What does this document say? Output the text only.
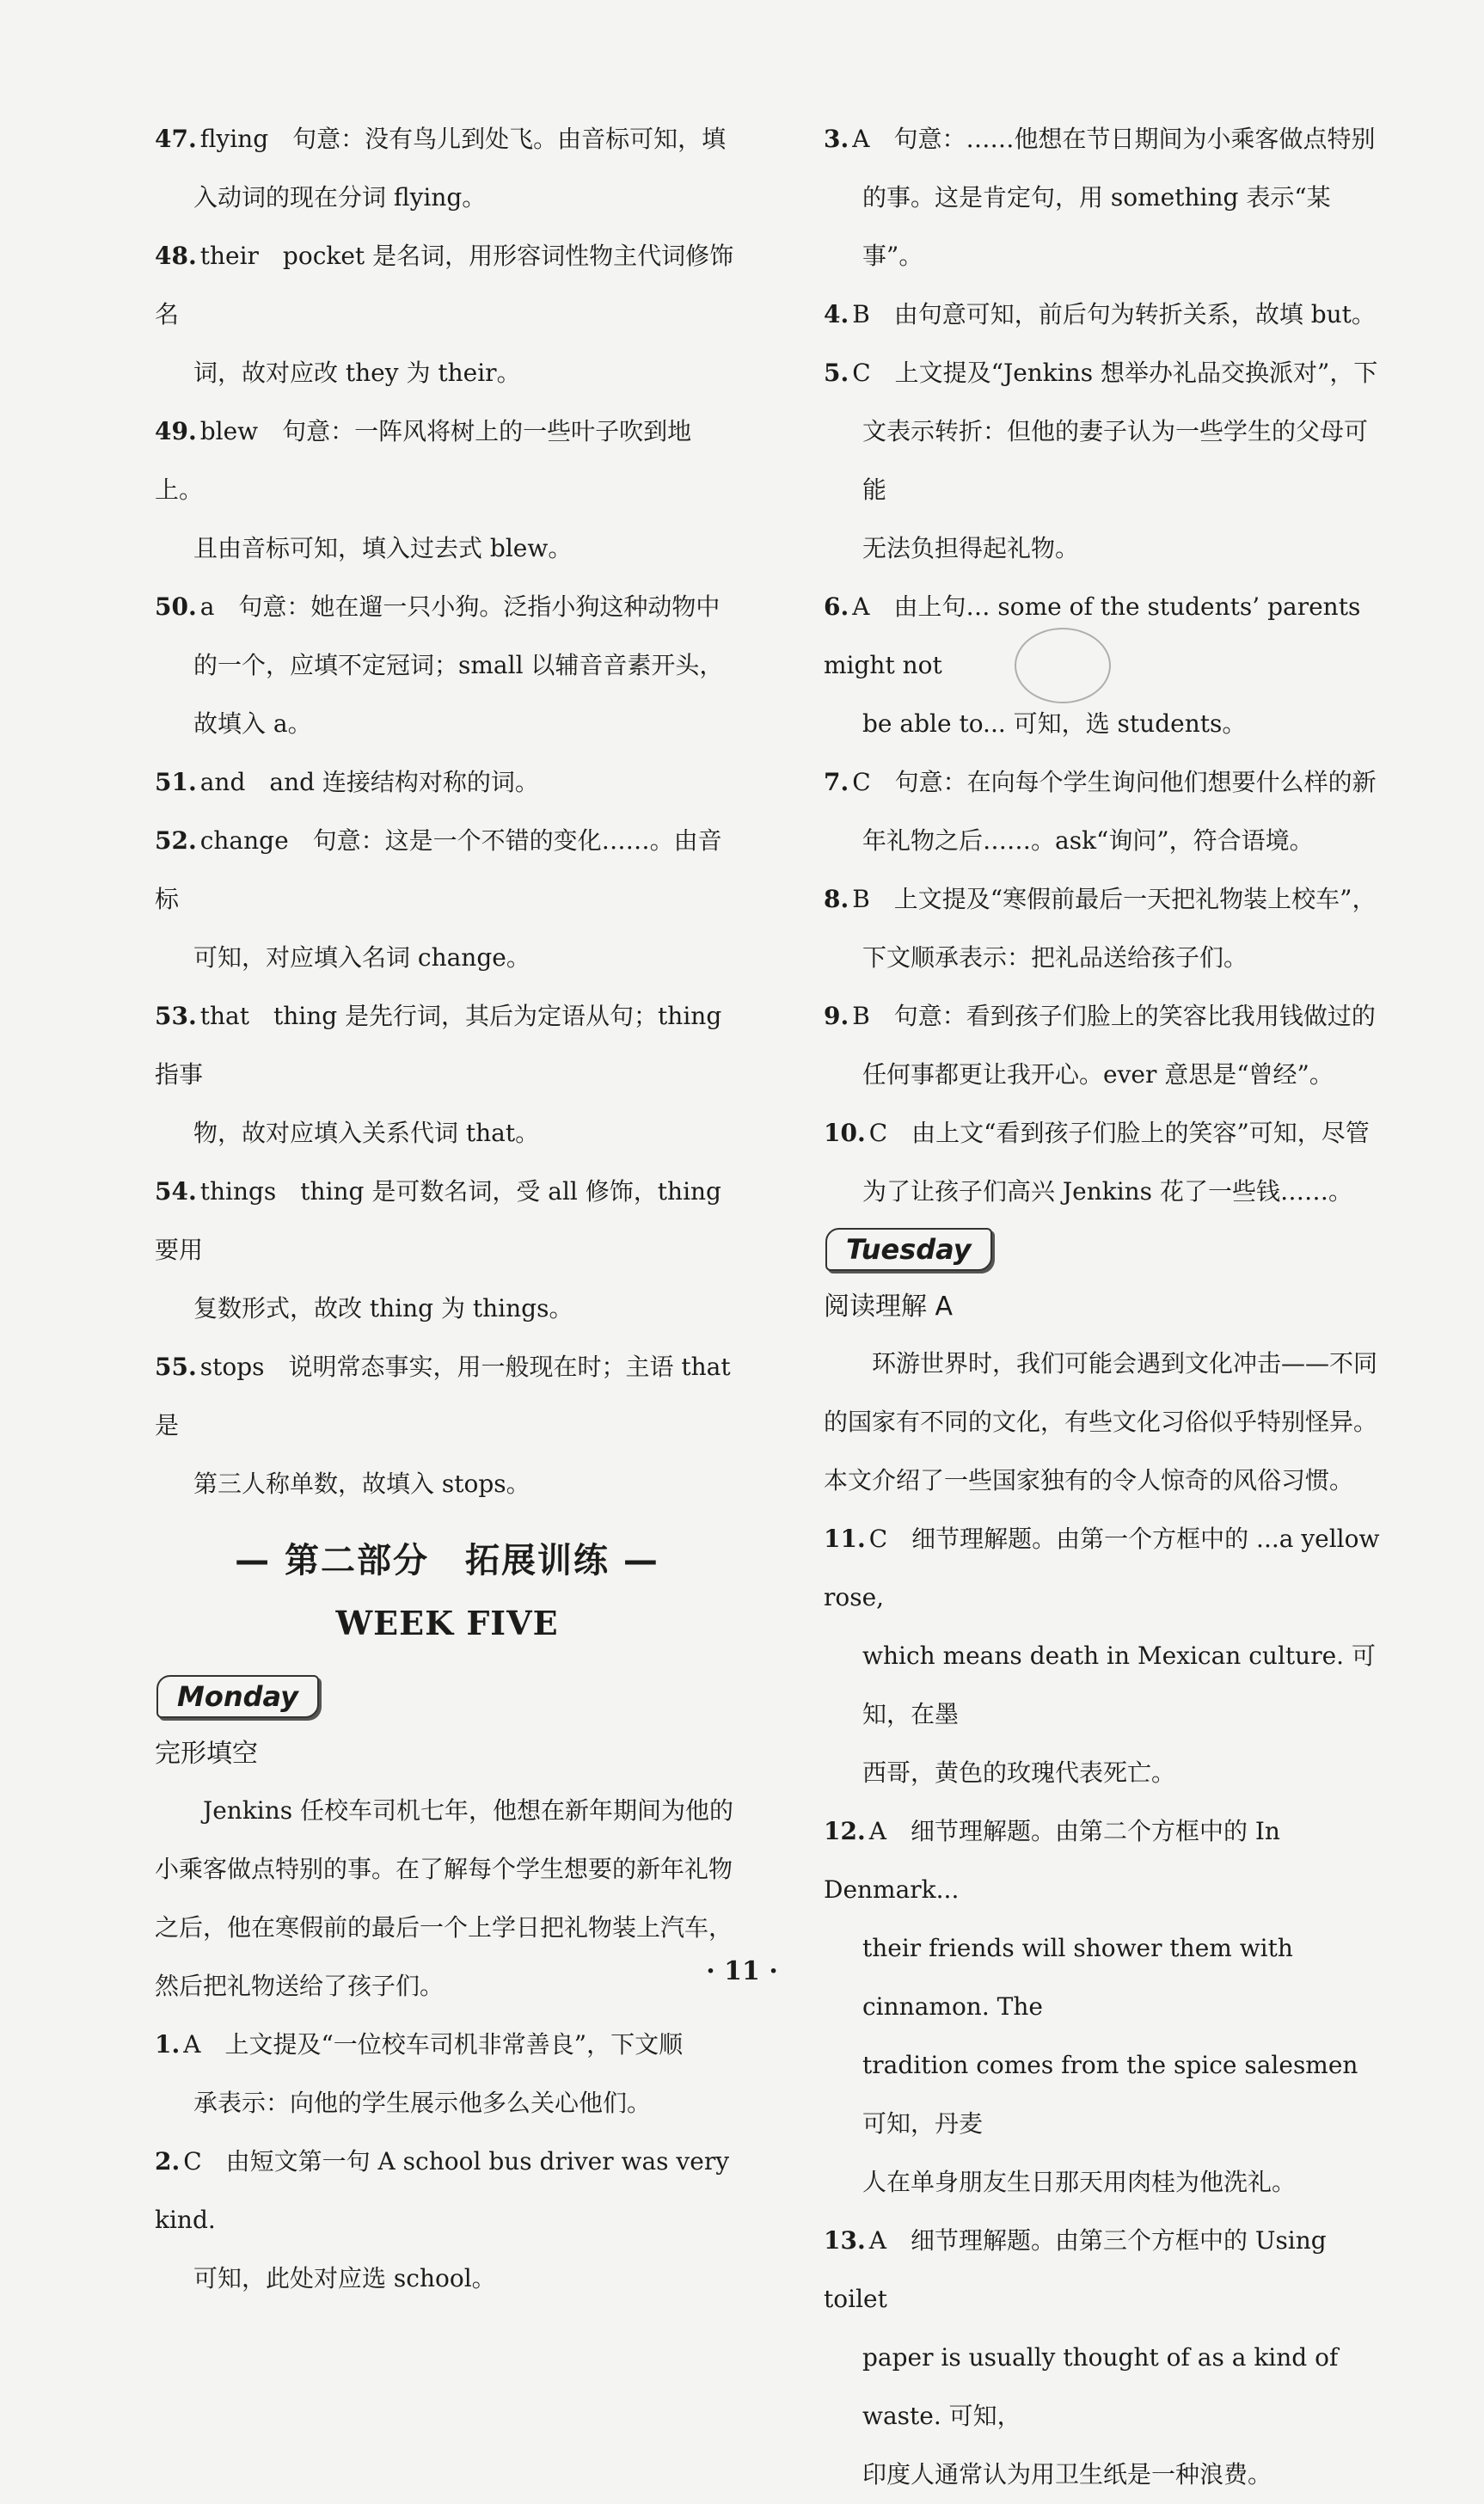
47. flying　句意：没有鸟儿到处飞。由音标可知，填
入动词的现在分词 flying。
48. their　pocket 是名词，用形容词性物主代词修饰名
词，故对应改 they 为 their。
49. blew　句意：一阵风将树上的一些叶子吹到地上。
且由音标可知，填入过去式 blew。
50. a　句意：她在遛一只小狗。泛指小狗这种动物中
的一个，应填不定冠词；small 以辅音音素开头，
故填入 a。
51. and　and 连接结构对称的词。
52. change　句意：这是一个不错的变化……。由音标
可知，对应填入名词 change。
53. that　thing 是先行词，其后为定语从句；thing 指事
物，故对应填入关系代词 that。
54. things　thing 是可数名词，受 all 修饰，thing 要用
复数形式，故改 thing 为 things。
55. stops　说明常态事实，用一般现在时；主语 that 是
第三人称单数，故填入 stops。
— 第二部分　拓展训练 —
WEEK FIVE
Monday
完形填空

Jenkins 任校车司机七年，他想在新年期间为他的小乘客做点特别的事。在了解每个学生想要的新年礼物之后，他在寒假前的最后一个上学日把礼物装上汽车，然后把礼物送给了孩子们。

1. A　上文提及“一位校车司机非常善良”，下文顺
承表示：向他的学生展示他多么关心他们。
2. C　由短文第一句 A school bus driver was very kind.
可知，此处对应选 school。
3. A　句意：……他想在节日期间为小乘客做点特别
的事。这是肯定句，用 something 表示“某事”。
4. B　由句意可知，前后句为转折关系，故填 but。
5. C　上文提及“Jenkins 想举办礼品交换派对”，下
文表示转折：但他的妻子认为一些学生的父母可能
无法负担得起礼物。
6. A　由上句… some of the students’ parents might not
be able to... 可知，选 students。
7. C　句意：在向每个学生询问他们想要什么样的新
年礼物之后……。ask“询问”，符合语境。
8. B　上文提及“寒假前最后一天把礼物装上校车”，
下文顺承表示：把礼品送给孩子们。
9. B　句意：看到孩子们脸上的笑容比我用钱做过的
任何事都更让我开心。ever 意思是“曾经”。
10. C　由上文“看到孩子们脸上的笑容”可知，尽管
为了让孩子们高兴 Jenkins 花了一些钱……。
Tuesday
阅读理解 A

环游世界时，我们可能会遇到文化冲击——不同的国家有不同的文化，有些文化习俗似乎特别怪异。本文介绍了一些国家独有的令人惊奇的风俗习惯。

11. C　细节理解题。由第一个方框中的 ...a yellow rose,
which means death in Mexican culture. 可知，在墨
西哥，黄色的玫瑰代表死亡。
12. A　细节理解题。由第二个方框中的 In Denmark...
their friends will shower them with cinnamon. The
tradition comes from the spice salesmen 可知，丹麦
人在单身朋友生日那天用肉桂为他洗礼。
13. A　细节理解题。由第三个方框中的 Using toilet
paper is usually thought of as a kind of waste. 可知，
印度人通常认为用卫生纸是一种浪费。
· 11 ·
